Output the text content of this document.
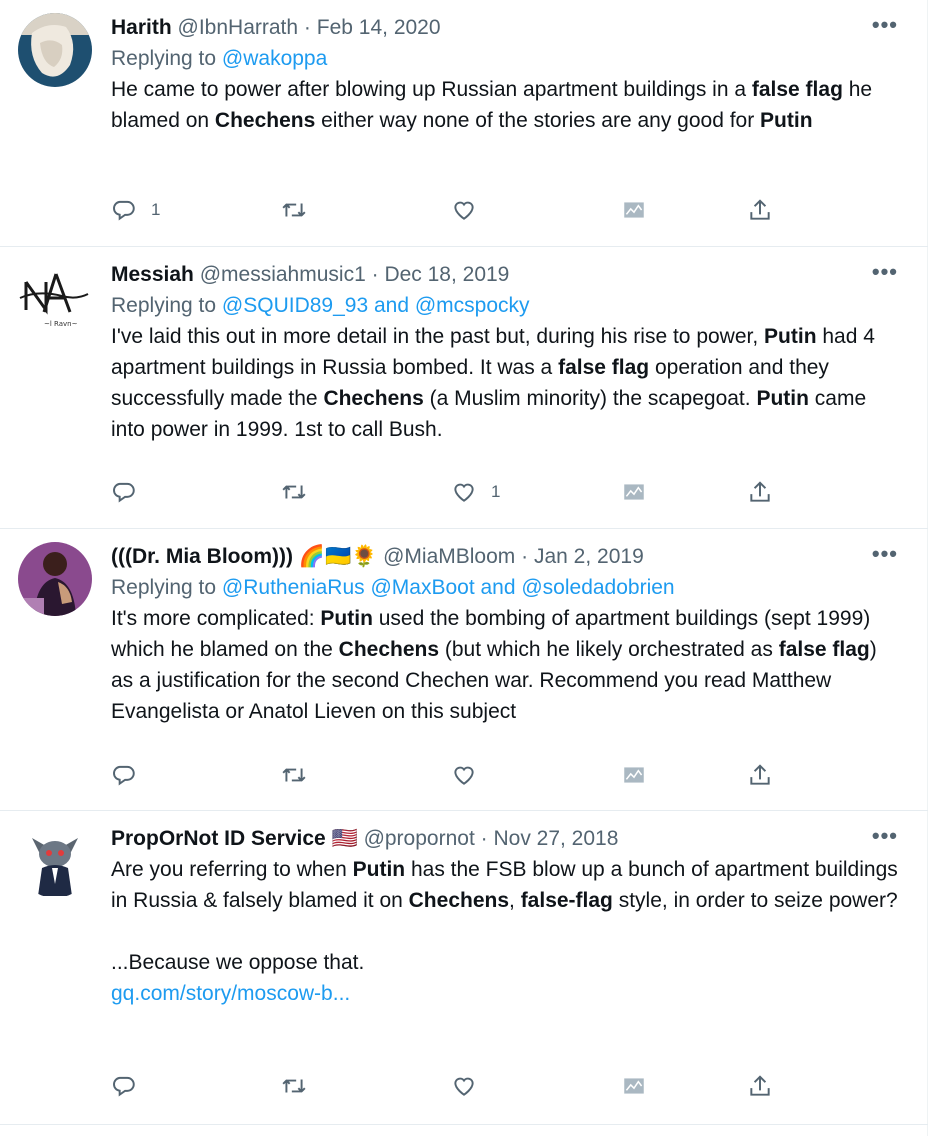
Harith @IbnHarrath · Feb 14, 2020	•••
Replying to @wakoppa
He came to power after blowing up Russian apartment buildings in a false flag he blamed on Chechens either way none of the stories are any good for Putin
1
~l Ravn~
Messiah @messiahmusic1 · Dec 18, 2019	•••
Replying to @SQUID89_93 and @mcspocky
I've laid this out in more detail in the past but, during his rise to power, Putin had 4 apartment buildings in Russia bombed. It was a false flag operation and they successfully made the Chechens (a Muslim minority) the scapegoat. Putin came into power in 1999. 1st to call Bush.
1
(((Dr. Mia Bloom))) 🌈🇺🇦🌻 @MiaMBloom · Jan 2, 2019	•••
Replying to @RutheniaRus @MaxBoot and @soledadobrien
It's more complicated: Putin used the bombing of apartment buildings (sept 1999) which he blamed on the Chechens (but which he likely orchestrated as false flag) as a justification for the second Chechen war. Recommend you read Matthew Evangelista or Anatol Lieven on this subject
PropOrNot ID Service 🇺🇸 @propornot · Nov 27, 2018	•••
Are you referring to when Putin has the FSB blow up a bunch of apartment buildings in Russia & falsely blamed it on Chechens, false-flag style, in order to seize power?
...Because we oppose that.
gq.com/story/moscow-b...
